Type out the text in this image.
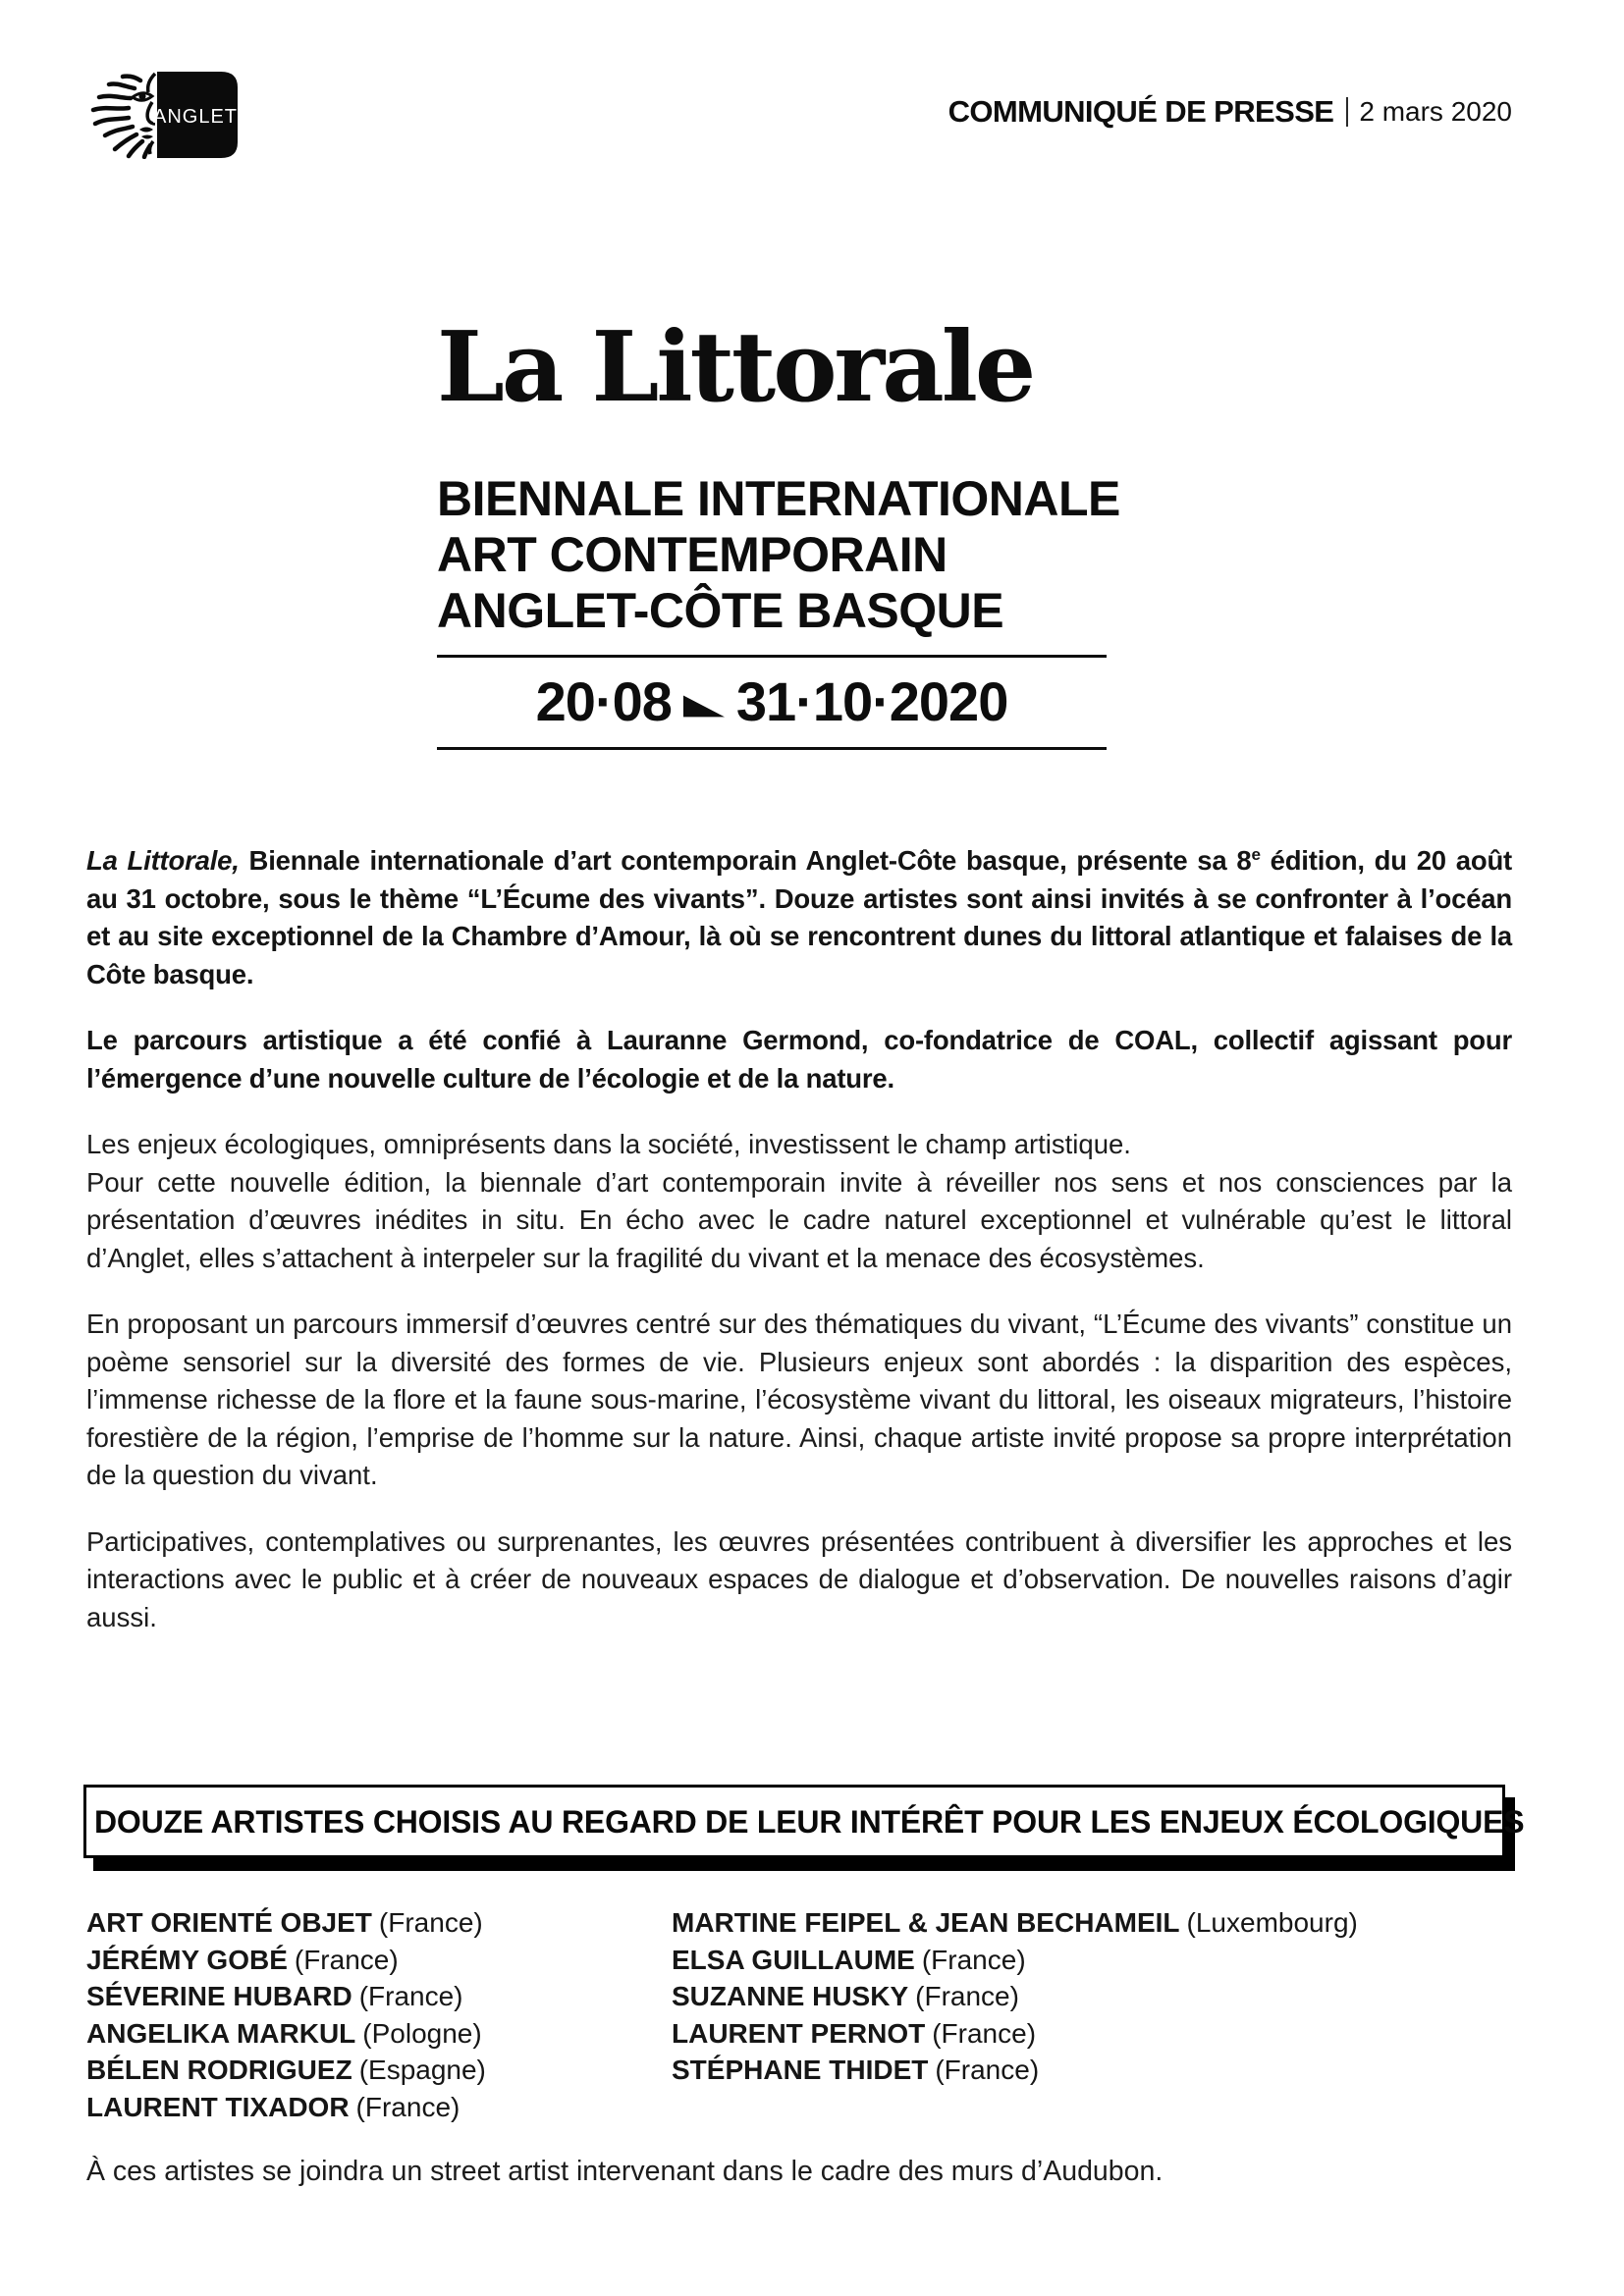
ANGLET	COMMUNIQUÉ DE PRESSE 2 mars 2020
La Littorale
BIENNALE INTERNATIONALE
ART CONTEMPORAIN
ANGLET-CÔTE BASQUE
20·08 31·10·2020

La Littorale, Biennale internationale d’art contemporain Anglet-Côte basque, présente sa 8e édition, du 20 août au 31 octobre, sous le thème “L’Écume des vivants”. Douze artistes sont ainsi invités à se confronter à l’océan et au site exceptionnel de la Chambre d’Amour, là où se rencontrent dunes du littoral atlantique et falaises de la Côte basque.

Le parcours artistique a été confié à Lauranne Germond, co-fondatrice de COAL, collectif agissant pour l’émergence d’une nouvelle culture de l’écologie et de la nature.

Les enjeux écologiques, omniprésents dans la société, investissent le champ artistique.
Pour cette nouvelle édition, la biennale d’art contemporain invite à réveiller nos sens et nos consciences par la présentation d’œuvres inédites in situ. En écho avec le cadre naturel exceptionnel et vulnérable qu’est le littoral d’Anglet, elles s’attachent à interpeler sur la fragilité du vivant et la menace des écosystèmes.

En proposant un parcours immersif d’œuvres centré sur des thématiques du vivant, “L’Écume des vivants” constitue un poème sensoriel sur la diversité des formes de vie. Plusieurs enjeux sont abordés : la disparition des espèces, l’immense richesse de la flore et la faune sous-marine, l’écosystème vivant du littoral, les oiseaux migrateurs, l’histoire forestière de la région, l’emprise de l’homme sur la nature. Ainsi, chaque artiste invité propose sa propre interprétation de la question du vivant.

Participatives, contemplatives ou surprenantes, les œuvres présentées contribuent à diversifier les approches et les interactions avec le public et à créer de nouveaux espaces de dialogue et d’observation. De nouvelles raisons d’agir aussi.

DOUZE ARTISTES CHOISIS AU REGARD DE LEUR INTÉRÊT POUR LES ENJEUX ÉCOLOGIQUES
ART ORIENTÉ OBJET (France)
JÉRÉMY GOBÉ (France)
SÉVERINE HUBARD (France)
ANGELIKA MARKUL (Pologne)
BÉLEN RODRIGUEZ (Espagne)
LAURENT TIXADOR (France)
MARTINE FEIPEL & JEAN BECHAMEIL (Luxembourg)
ELSA GUILLAUME (France)
SUZANNE HUSKY (France)
LAURENT PERNOT (France)
STÉPHANE THIDET (France)
À ces artistes se joindra un street artist intervenant dans le cadre des murs d’Audubon.
